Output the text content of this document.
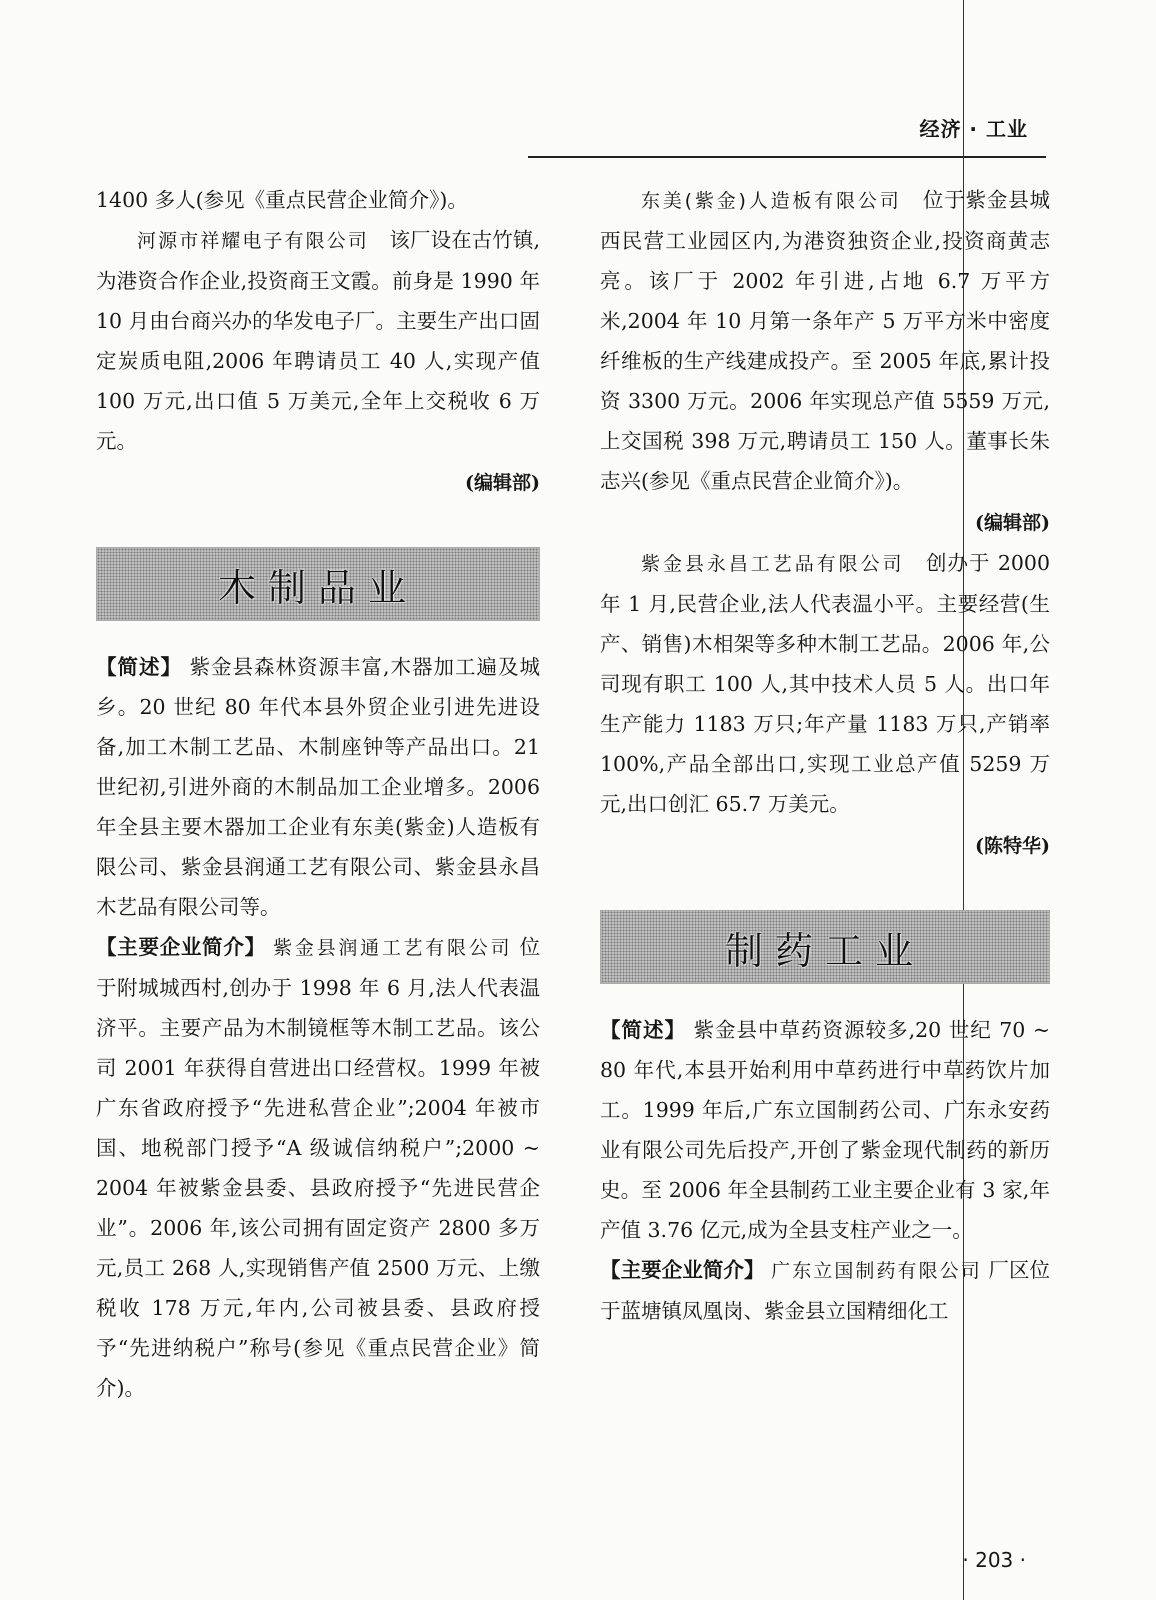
经济 · 工业

1400 多人(参见《重点民营企业简介》)。

河源市祥耀电子有限公司　 该厂设在古竹镇,为港资合作企业,投资商王文霞。前身是 1990 年 10 月由台商兴办的华发电子厂。主要生产出口固定炭质电阻,2006 年聘请员工 40 人,实现产值 100 万元,出口值 5 万美元,全年上交税收 6 万元。

(编辑部)

木制品业

【简述】 紫金县森林资源丰富,木器加工遍及城乡。20 世纪 80 年代本县外贸企业引进先进设备,加工木制工艺品、木制座钟等产品出口。21 世纪初,引进外商的木制品加工企业增多。2006 年全县主要木器加工企业有东美(紫金)人造板有限公司、紫金县润通工艺有限公司、紫金县永昌木艺品有限公司等。

【主要企业简介】 紫金县润通工艺有限公司 位于附城城西村,创办于 1998 年 6 月,法人代表温济平。主要产品为木制镜框等木制工艺品。该公司 2001 年获得自营进出口经营权。1999 年被广东省政府授予“先进私营企业”;2004 年被市国、地税部门授予“A 级诚信纳税户”;2000 ~ 2004 年被紫金县委、县政府授予“先进民营企业”。2006 年,该公司拥有固定资产 2800 多万元,员工 268 人,实现销售产值 2500 万元、上缴税收 178 万元,年内,公司被县委、县政府授予“先进纳税户”称号(参见《重点民营企业》简介)。

东美(紫金)人造板有限公司　 位于紫金县城西民营工业园区内,为港资独资企业,投资商黄志亮。该厂于 2002 年引进,占地 6.7 万平方米,2004 年 10 月第一条年产 5 万平方米中密度纤维板的生产线建成投产。至 2005 年底,累计投资 3300 万元。2006 年实现总产值 5559 万元,上交国税 398 万元,聘请员工 150 人。董事长朱志兴(参见《重点民营企业简介》)。

(编辑部)

紫金县永昌工艺品有限公司　 创办于 2000 年 1 月,民营企业,法人代表温小平。主要经营(生产、销售)木相架等多种木制工艺品。2006 年,公司现有职工 100 人,其中技术人员 5 人。出口年生产能力 1183 万只;年产量 1183 万只,产销率 100%,产品全部出口,实现工业总产值 5259 万元,出口创汇 65.7 万美元。

(陈特华)

制药工业

【简述】 紫金县中草药资源较多,20 世纪 70 ~ 80 年代,本县开始利用中草药进行中草药饮片加工。1999 年后,广东立国制药公司、广东永安药业有限公司先后投产,开创了紫金现代制药的新历史。至 2006 年全县制药工业主要企业有 3 家,年产值 3.76 亿元,成为全县支柱产业之一。

【主要企业简介】 广东立国制药有限公司 厂区位于蓝塘镇凤凰岗、紫金县立国精细化工

· 203 ·
